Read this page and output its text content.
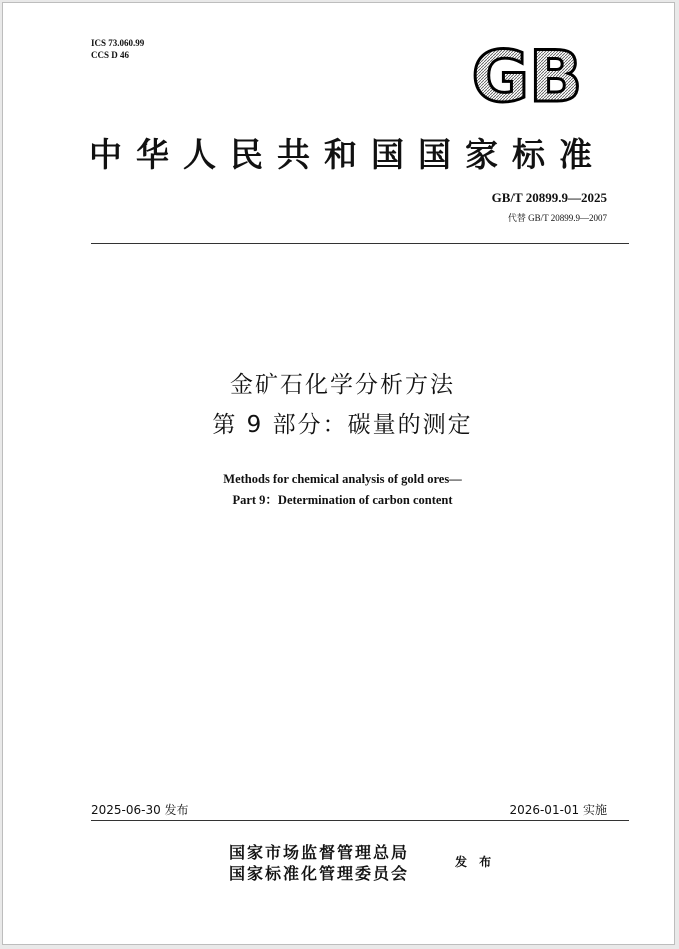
ICS 73.060.99
CCS D 46	GB
中华人民共和国国家标准
GB/T 20899.9—2025
代替 GB/T 20899.9—2007
金矿石化学分析方法
第 9 部分：碳量的测定
Methods for chemical analysis of gold ores—
Part 9：Determination of carbon content
2025-06-30 发布	2026-01-01 实施
国家市场监督管理总局
国家标准化管理委员会
发 布
